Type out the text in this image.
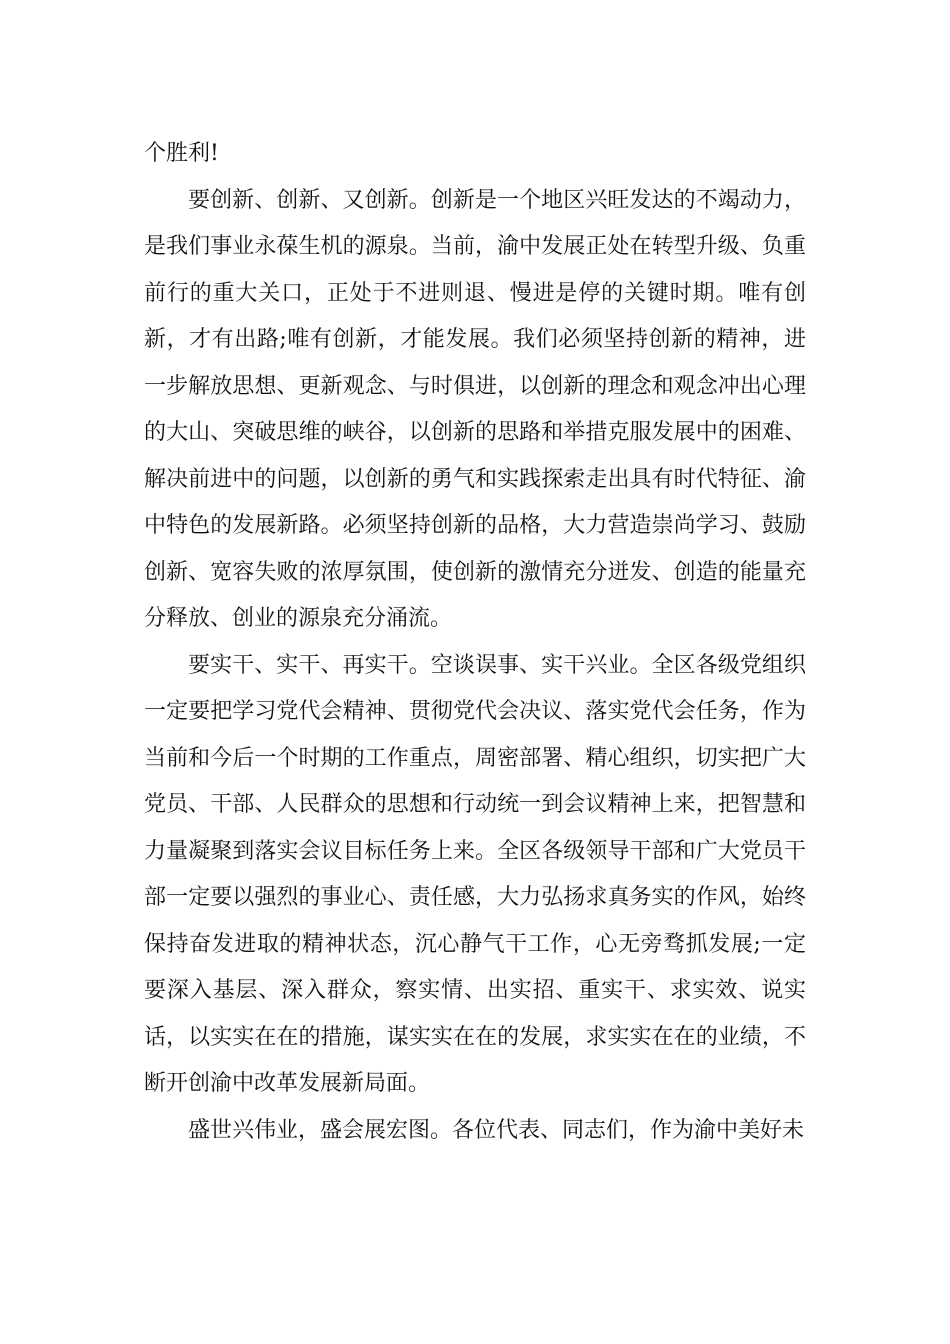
个胜利!

要创新、创新、又创新。创新是一个地区兴旺发达的不竭动力，是我们事业永葆生机的源泉。当前，渝中发展正处在转型升级、负重前行的重大关口，正处于不进则退、慢进是停的关键时期。唯有创新，才有出路;唯有创新，才能发展。我们必须坚持创新的精神，进一步解放思想、更新观念、与时俱进，以创新的理念和观念冲出心理的大山、突破思维的峡谷，以创新的思路和举措克服发展中的困难、解决前进中的问题，以创新的勇气和实践探索走出具有时代特征、渝中特色的发展新路。必须坚持创新的品格，大力营造崇尚学习、鼓励创新、宽容失败的浓厚氛围，使创新的激情充分迸发、创造的能量充分释放、创业的源泉充分涌流。

要实干、实干、再实干。空谈误事、实干兴业。全区各级党组织一定要把学习党代会精神、贯彻党代会决议、落实党代会任务，作为当前和今后一个时期的工作重点，周密部署、精心组织，切实把广大党员、干部、人民群众的思想和行动统一到会议精神上来，把智慧和力量凝聚到落实会议目标任务上来。全区各级领导干部和广大党员干部一定要以强烈的事业心、责任感，大力弘扬求真务实的作风，始终保持奋发进取的精神状态，沉心静气干工作，心无旁骛抓发展;一定要深入基层、深入群众，察实情、出实招、重实干、求实效、说实话，以实实在在的措施，谋实实在在的发展，求实实在在的业绩，不断开创渝中改革发展新局面。

盛世兴伟业，盛会展宏图。各位代表、同志们，作为渝中美好未
